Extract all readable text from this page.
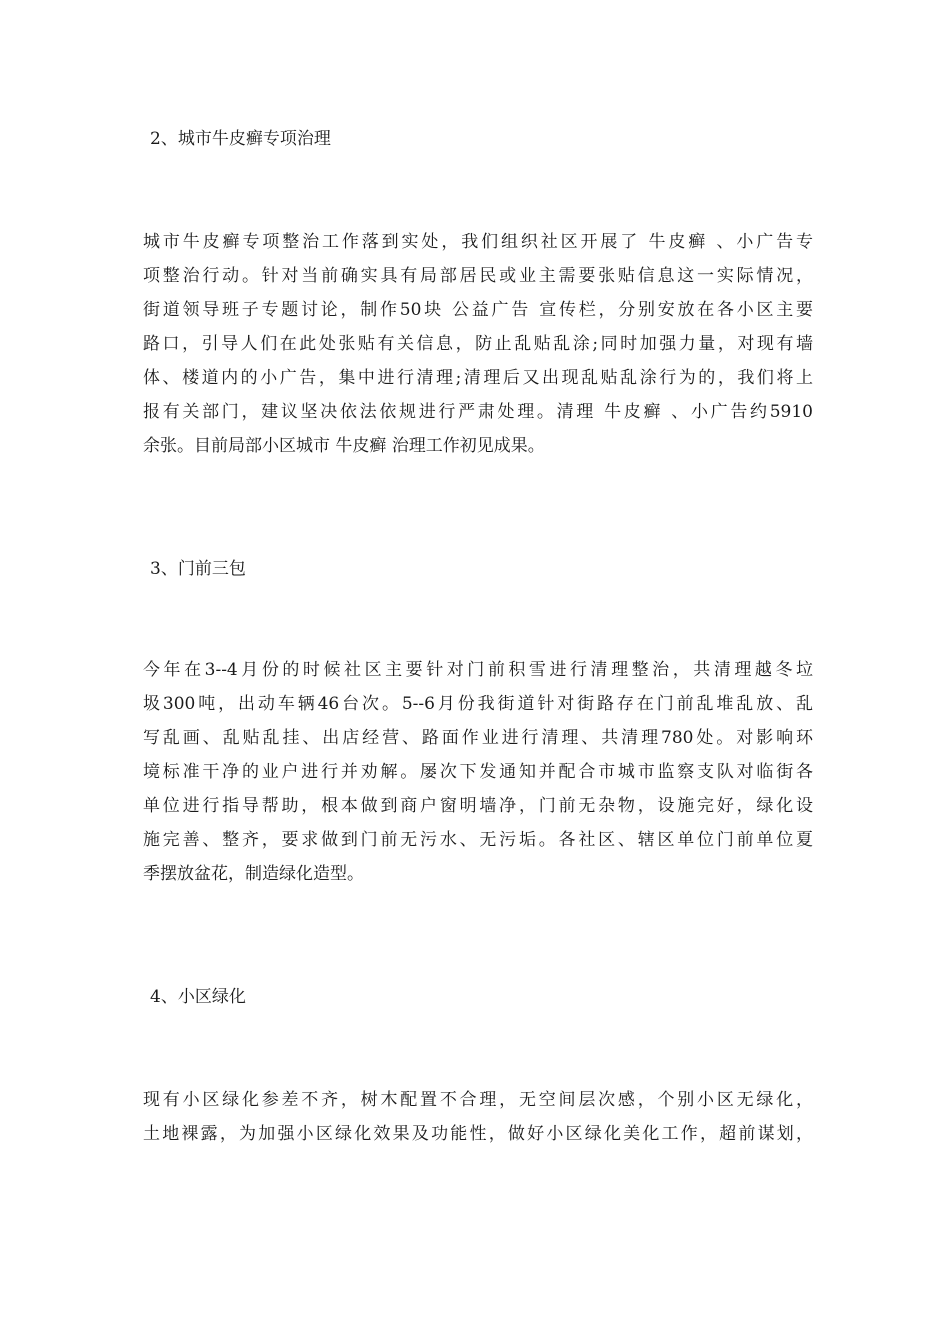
2、城市牛皮癣专项治理
城市牛皮癣专项整治工作落到实处，我们组织社区开展了 牛皮癣 、小广告专
项整治行动。针对当前确实具有局部居民或业主需要张贴信息这一实际情况，
街道领导班子专题讨论，制作50块 公益广告 宣传栏，分别安放在各小区主要
路口，引导人们在此处张贴有关信息，防止乱贴乱涂;同时加强力量，对现有墙
体、楼道内的小广告，集中进行清理;清理后又出现乱贴乱涂行为的，我们将上
报有关部门，建议坚决依法依规进行严肃处理。清理 牛皮癣 、小广告约5910
余张。目前局部小区城市 牛皮癣 治理工作初见成果。
3、门前三包
今年在3--4月份的时候社区主要针对门前积雪进行清理整治，共清理越冬垃
圾300吨，出动车辆46台次。5--6月份我街道针对街路存在门前乱堆乱放、乱
写乱画、乱贴乱挂、出店经营、路面作业进行清理、共清理780处。对影响环
境标准干净的业户进行并劝解。屡次下发通知并配合市城市监察支队对临街各
单位进行指导帮助，根本做到商户窗明墙净，门前无杂物，设施完好，绿化设
施完善、整齐，要求做到门前无污水、无污垢。各社区、辖区单位门前单位夏
季摆放盆花，制造绿化造型。
4、小区绿化
现有小区绿化参差不齐，树木配置不合理，无空间层次感，个别小区无绿化，
土地裸露，为加强小区绿化效果及功能性，做好小区绿化美化工作，超前谋划，
